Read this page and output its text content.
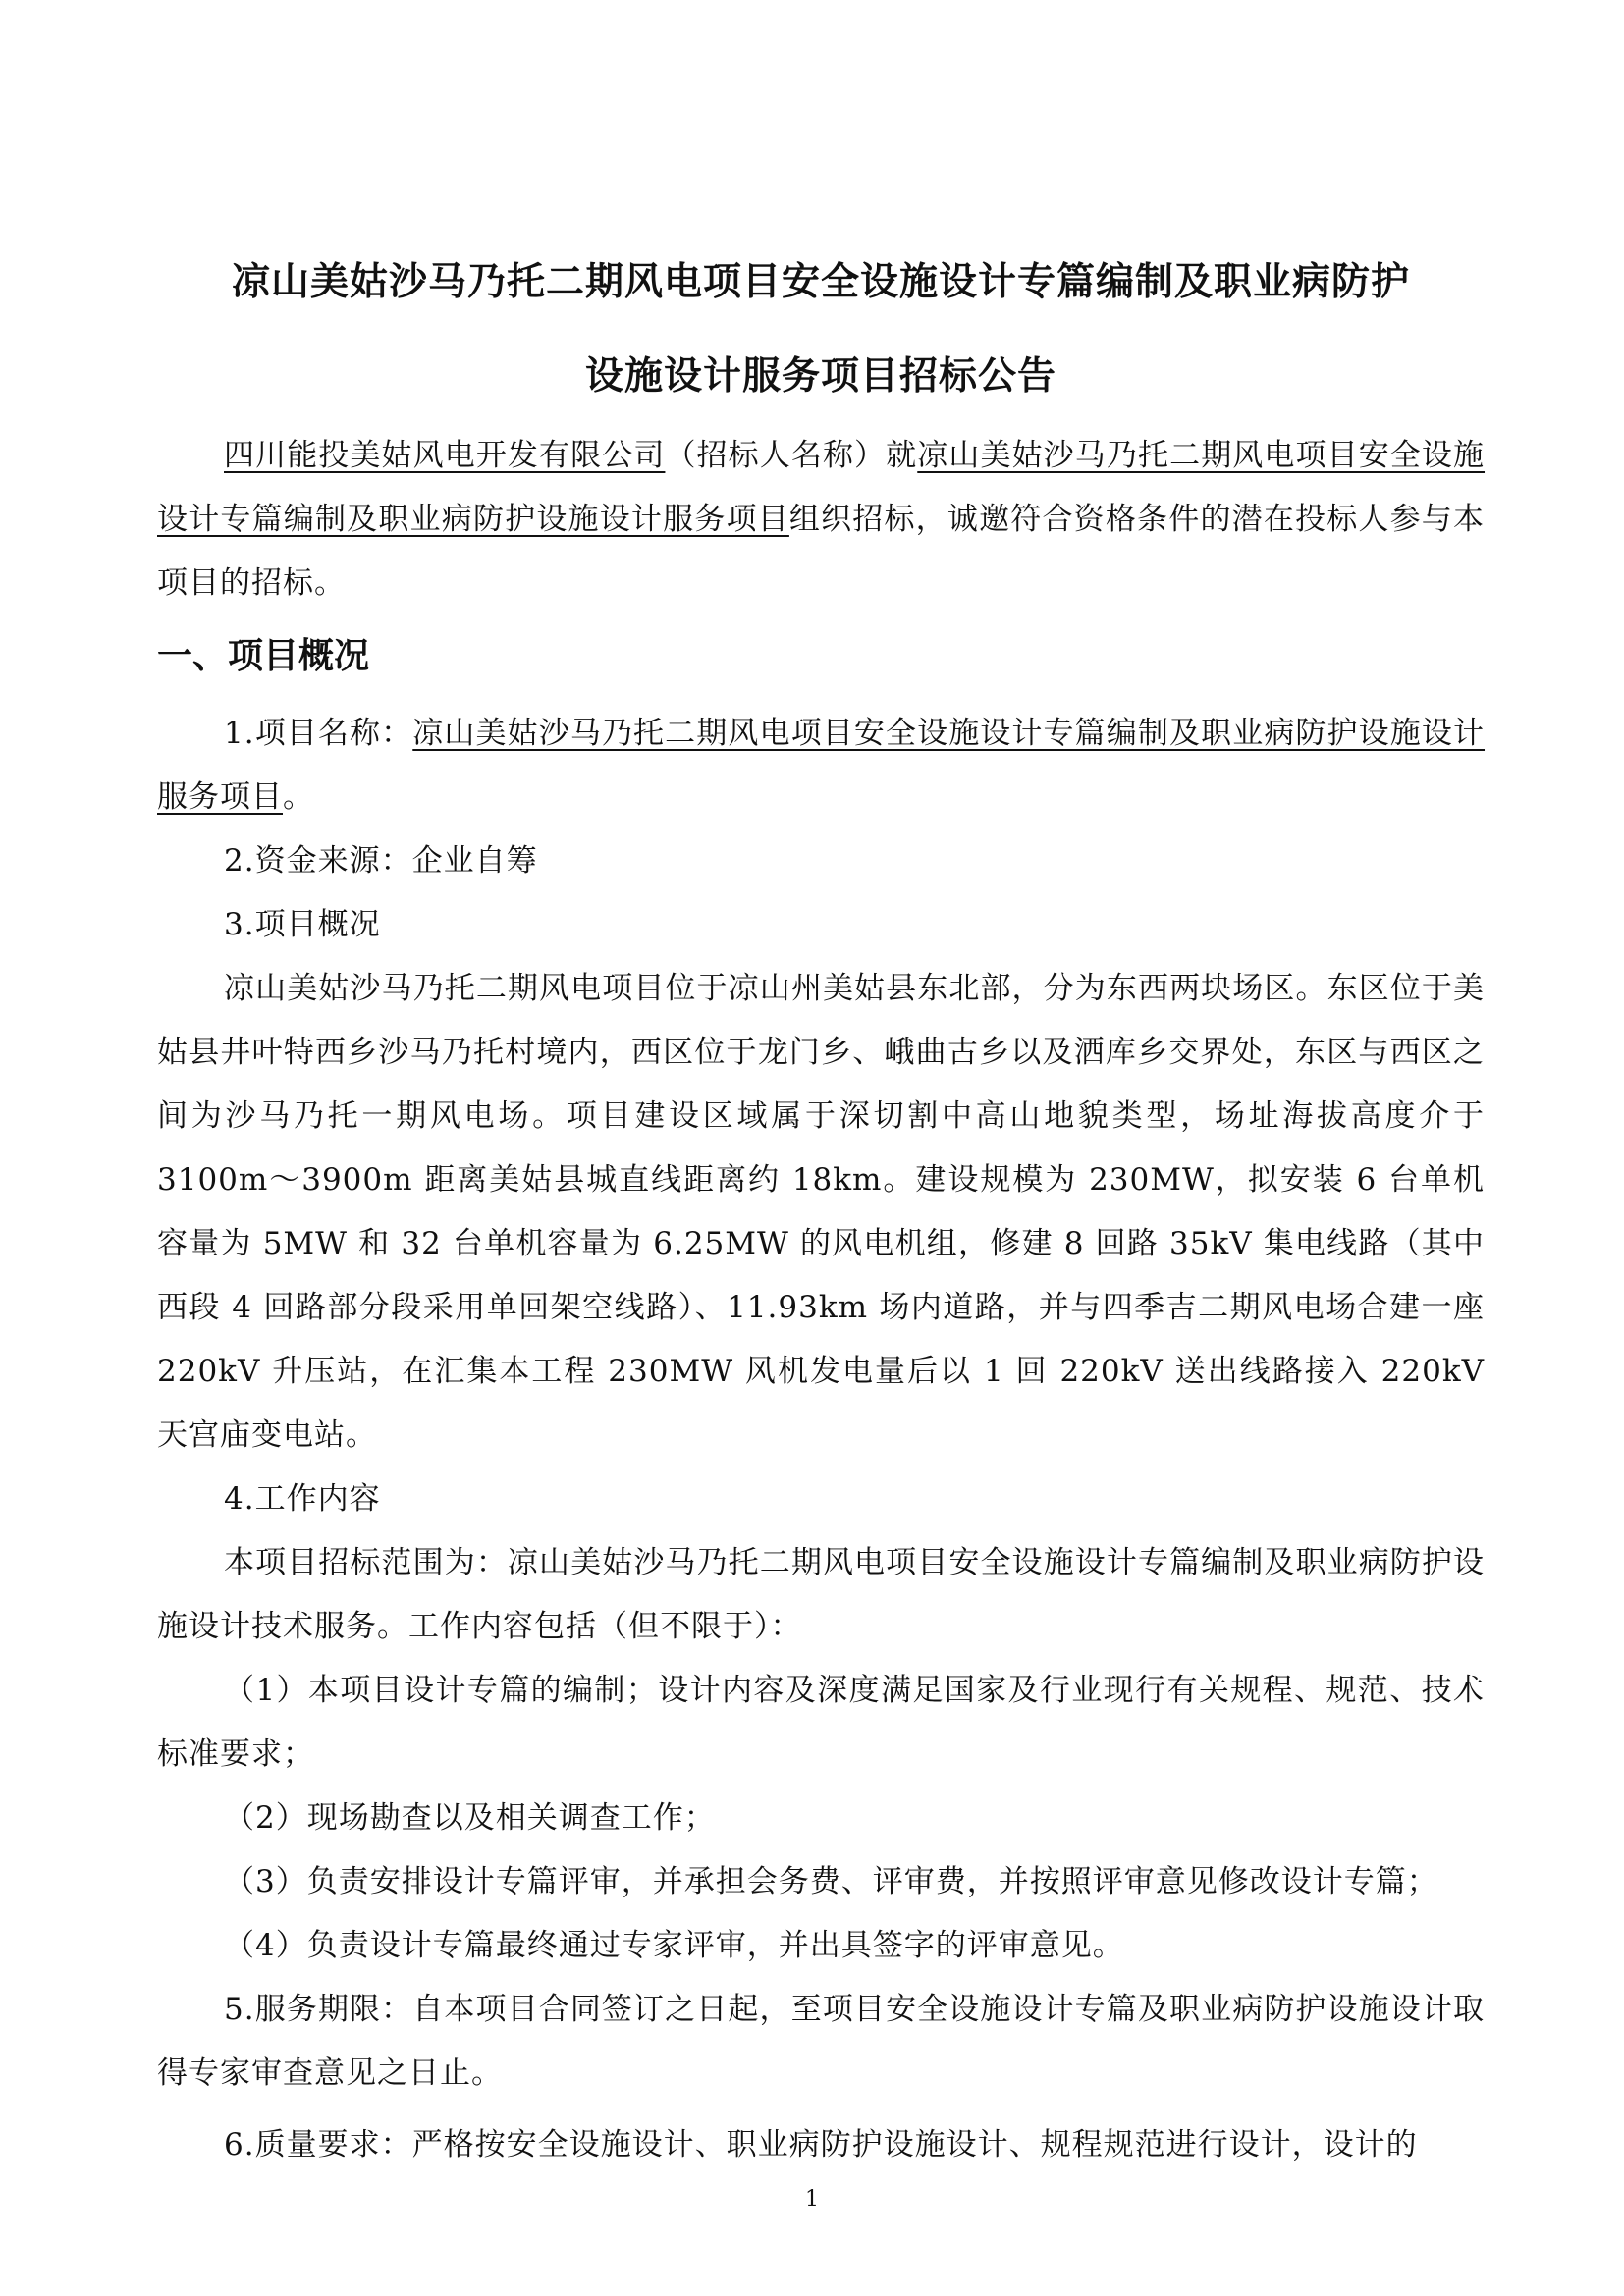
凉山美姑沙马乃托二期风电项目安全设施设计专篇编制及职业病防护
设施设计服务项目招标公告

四川能投美姑风电开发有限公司（招标人名称）就凉山美姑沙马乃托二期风电项目安全设施设计专篇编制及职业病防护设施设计服务项目组织招标，诚邀符合资格条件的潜在投标人参与本项目的招标。

一、项目概况

1.项目名称：凉山美姑沙马乃托二期风电项目安全设施设计专篇编制及职业病防护设施设计服务项目。

2.资金来源：企业自筹

3.项目概况

凉山美姑沙马乃托二期风电项目位于凉山州美姑县东北部，分为东西两块场区。东区位于美姑县井叶特西乡沙马乃托村境内，西区位于龙门乡、峨曲古乡以及洒库乡交界处，东区与西区之间为沙马乃托一期风电场。项目建设区域属于深切割中高山地貌类型，场址海拔高度介于 3100m～3900m 距离美姑县城直线距离约 18km。建设规模为 230MW，拟安装 6 台单机容量为 5MW 和 32 台单机容量为 6.25MW 的风电机组，修建 8 回路 35kV 集电线路（其中西段 4 回路部分段采用单回架空线路）、11.93km 场内道路，并与四季吉二期风电场合建一座 220kV 升压站，在汇集本工程 230MW 风机发电量后以 1 回 220kV 送出线路接入 220kV 天宫庙变电站。

4.工作内容

本项目招标范围为：凉山美姑沙马乃托二期风电项目安全设施设计专篇编制及职业病防护设施设计技术服务。工作内容包括（但不限于）：

（1）本项目设计专篇的编制；设计内容及深度满足国家及行业现行有关规程、规范、技术标准要求；

（2）现场勘查以及相关调查工作；

（3）负责安排设计专篇评审，并承担会务费、评审费，并按照评审意见修改设计专篇；

（4）负责设计专篇最终通过专家评审，并出具签字的评审意见。

5.服务期限：自本项目合同签订之日起，至项目安全设施设计专篇及职业病防护设施设计取得专家审查意见之日止。

6.质量要求：严格按安全设施设计、职业病防护设施设计、规程规范进行设计，设计的

1
